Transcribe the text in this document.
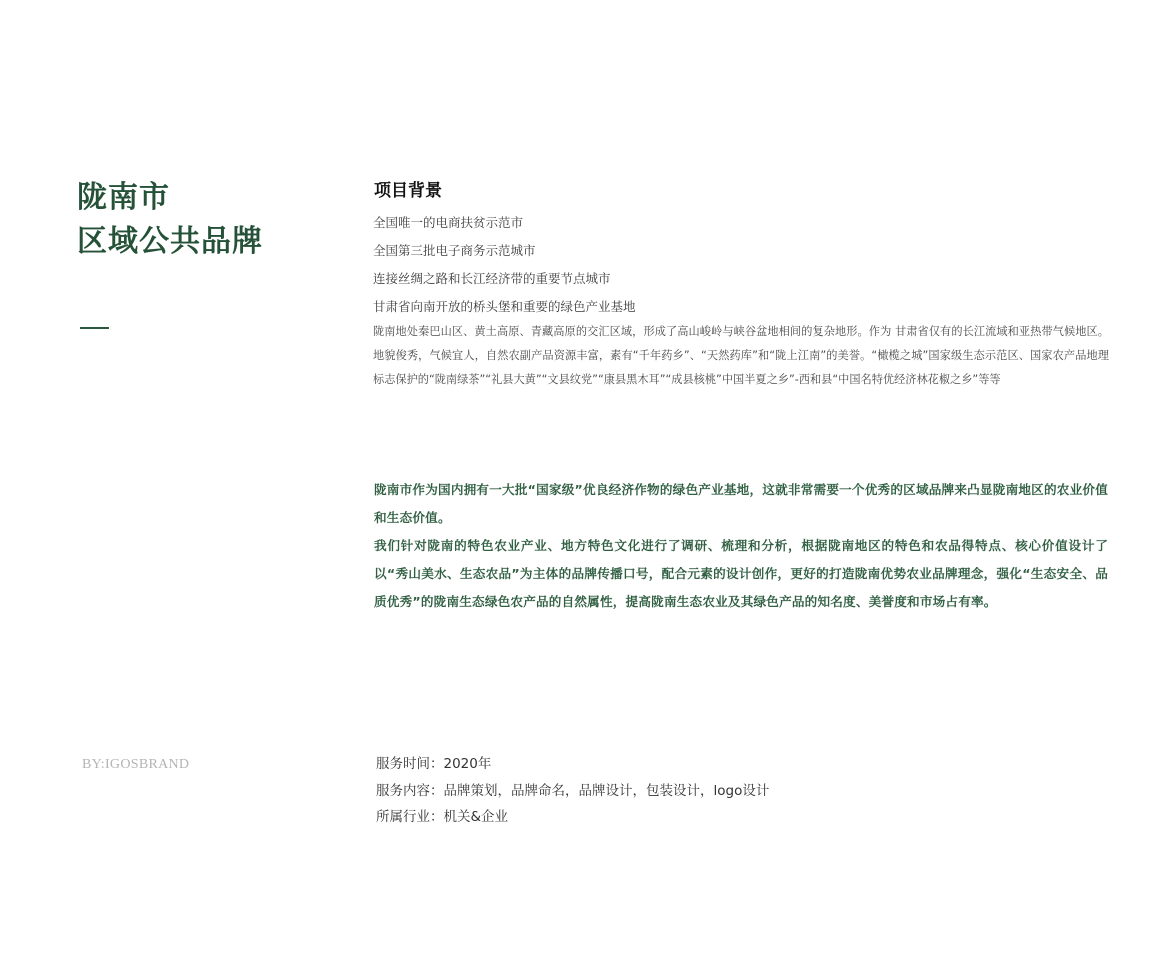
陇南市
区域公共品牌
BY:IGOSBRAND
项目背景
全国唯一的电商扶贫示范市
全国第三批电子商务示范城市
连接丝绸之路和长江经济带的重要节点城市
甘肃省向南开放的桥头堡和重要的绿色产业基地

陇南地处秦巴山区、黄土高原、青藏高原的交汇区域，形成了高山峻岭与峡谷盆地相间的复杂地形。作为 甘肃省仅有的长江流域和亚热带气候地区。地貌俊秀，气候宜人，自然农副产品资源丰富，素有“千年药乡”、“天然药库”和“陇上江南”的美誉。“橄榄之城”国家级生态示范区、国家农产品地理标志保护的“陇南绿茶”“礼县大黄”“文县纹党”“康县黑木耳”“成县核桃”中国半夏之乡”-西和县“中国名特优经济林花椒之乡”等等

陇南市作为国内拥有一大批“国家级”优良经济作物的绿色产业基地，这就非常需要一个优秀的区域品牌来凸显陇南地区的农业价值和生态价值。

我们针对陇南的特色农业产业、地方特色文化进行了调研、梳理和分析，根据陇南地区的特色和农品得特点、核心价值设计了以“秀山美水、生态农品”为主体的品牌传播口号，配合元素的设计创作，更好的打造陇南优势农业品牌理念，强化“生态安全、品质优秀”的陇南生态绿色农产品的自然属性，提高陇南生态农业及其绿色产品的知名度、美誉度和市场占有率。

服务时间：2020年
服务内容：品牌策划，品牌命名，品牌设计，包装设计，logo设计
所属行业：机关&企业
